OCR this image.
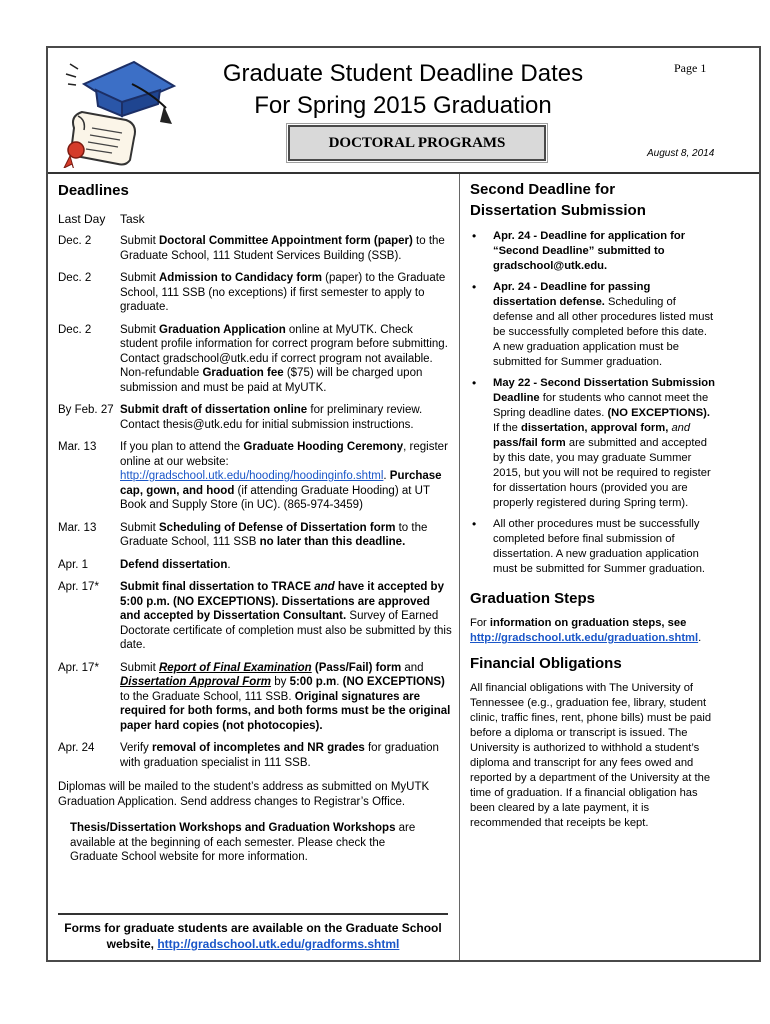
Graduate Student Deadline Dates
For Spring 2015 Graduation
Page 1
DOCTORAL PROGRAMS
August 8, 2014
Deadlines
Last Day	Task
Dec. 2	Submit Doctoral Committee Appointment form (paper) to the Graduate School, 111 Student Services Building (SSB).
Dec. 2	Submit Admission to Candidacy form (paper) to the Graduate School, 111 SSB (no exceptions) if first semester to apply to graduate.
Dec. 2	Submit Graduation Application online at MyUTK. Check student profile information for correct program before submitting. Contact gradschool@utk.edu if correct program not available. Non-refundable Graduation fee ($75) will be charged upon submission and must be paid at MyUTK.
By Feb. 27 Submit draft of dissertation online for preliminary review. Contact thesis@utk.edu for initial submission instructions.
Mar. 13	If you plan to attend the Graduate Hooding Ceremony, register online at our website: http://gradschool.utk.edu/hooding/hoodinginfo.shtml. Purchase cap, gown, and hood (if attending Graduate Hooding) at UT Book and Supply Store (in UC). (865-974-3459)
Mar. 13	Submit Scheduling of Defense of Dissertation form to the Graduate School, 111 SSB no later than this deadline.
Apr. 1	Defend dissertation.
Apr. 17*	Submit final dissertation to TRACE and have it accepted by 5:00 p.m. (NO EXCEPTIONS). Dissertations are approved and accepted by Dissertation Consultant. Survey of Earned Doctorate certificate of completion must also be submitted by this date.
Apr. 17*	Submit Report of Final Examination (Pass/Fail) form and Dissertation Approval Form by 5:00 p.m. (NO EXCEPTIONS) to the Graduate School, 111 SSB. Original signatures are required for both forms, and both forms must be the original paper hard copies (not photocopies).
Apr. 24	Verify removal of incompletes and NR grades for graduation with graduation specialist in 111 SSB.
Diplomas will be mailed to the student’s address as submitted on MyUTK Graduation Application. Send address changes to Registrar’s Office.
Thesis/Dissertation Workshops and Graduation Workshops are available at the beginning of each semester. Please check the Graduate School website for more information.
Forms for graduate students are available on the Graduate School website, http://gradschool.utk.edu/gradforms.shtml
Second Deadline for
Dissertation Submission
• Apr. 24 - Deadline for application for “Second Deadline” submitted to gradschool@utk.edu.
• Apr. 24 - Deadline for passing dissertation defense. Scheduling of defense and all other procedures listed must be successfully completed before this date. A new graduation application must be submitted for Summer graduation.
• May 22 - Second Dissertation Submission Deadline for students who cannot meet the Spring deadline dates. (NO EXCEPTIONS). If the dissertation, approval form, and pass/fail form are submitted and accepted by this date, you may graduate Summer 2015, but you will not be required to register for dissertation hours (provided you are properly registered during Spring term).
• All other procedures must be successfully completed before final submission of dissertation. A new graduation application must be submitted for Summer graduation.
Graduation Steps
For information on graduation steps, see http://gradschool.utk.edu/graduation.shtml.
Financial Obligations
All financial obligations with The University of Tennessee (e.g., graduation fee, library, student clinic, traffic fines, rent, phone bills) must be paid before a diploma or transcript is issued. The University is authorized to withhold a student’s diploma and transcript for any fees owed and reported by a department of the University at the time of graduation. If a financial obligation has been cleared by a late payment, it is recommended that receipts be kept.
